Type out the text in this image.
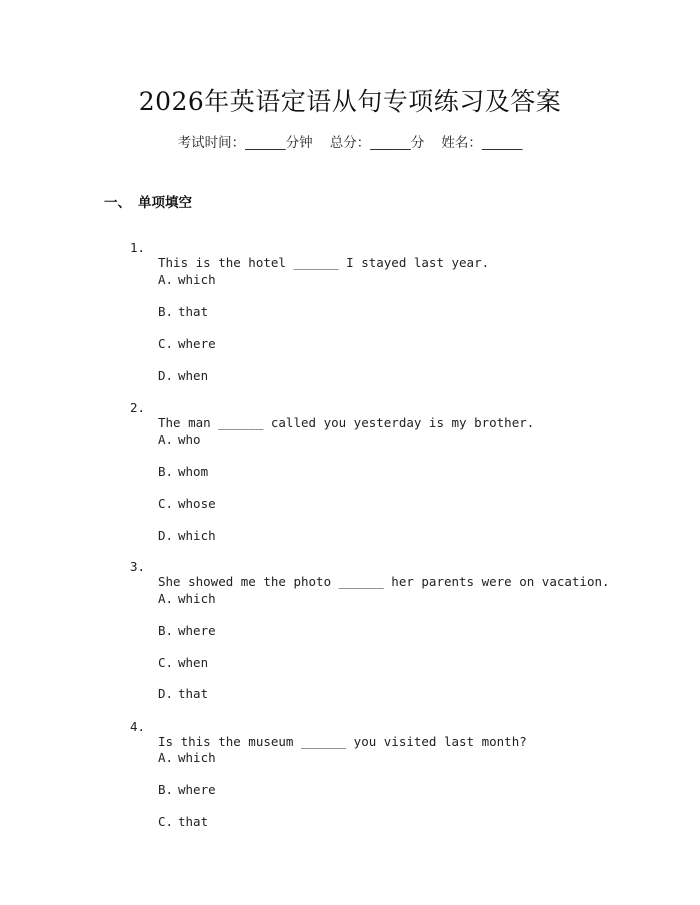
2026年英语定语从句专项练习及答案
考试时间：______分钟    总分：______分    姓名：______
一、 单项填空

1.

This is the hotel ______ I stayed last year.

A. which

B. that

C. where

D. when

2.

The man ______ called you yesterday is my brother.

A. who

B. whom

C. whose

D. which

3.

She showed me the photo ______ her parents were on vacation.

A. which

B. where

C. when

D. that

4.

Is this the museum ______ you visited last month?

A. which

B. where

C. that
